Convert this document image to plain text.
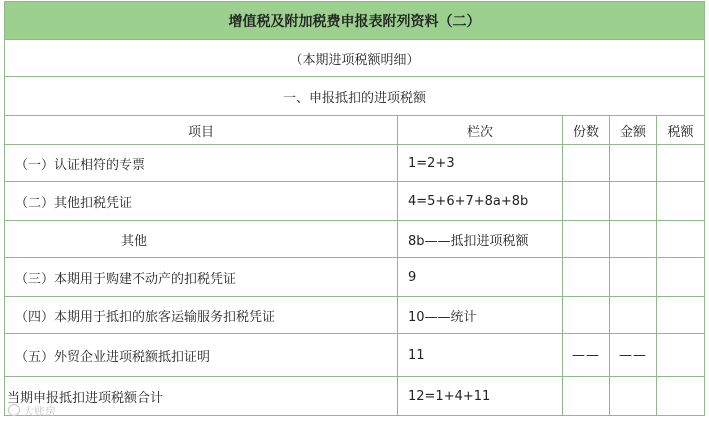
增值税及附加税费申报表附列资料（二）				
（本期进项税额明细）				
一、申报抵扣的进项税额				
项目	栏次	份数	金额	税额
（一）认证相符的专票	1=2+3			
（二）其他扣税凭证	4=5+6+7+8a+8b			
其他	8b——抵扣进项税额			
（三）本期用于购建不动产的扣税凭证	9			
（四）本期用于抵扣的旅客运输服务扣税凭证	10——统计			
（五）外贸企业进项税额抵扣证明	11	——	——	
当期申报抵扣进项税额合计	12=1+4+11			
大账房
